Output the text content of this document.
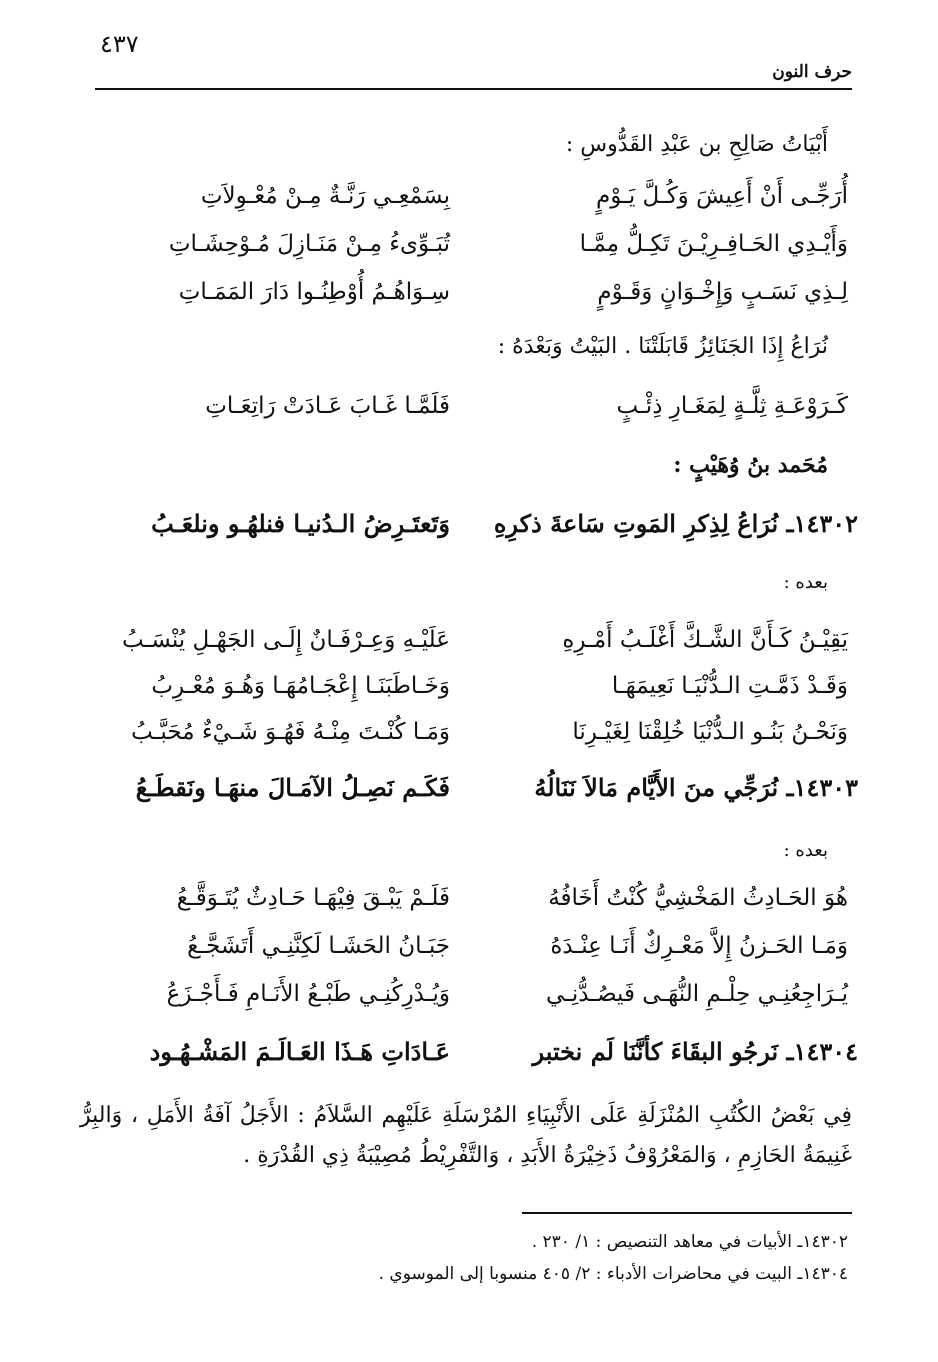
٤٣٧
حرف النون
أَبْيَاتُ صَالِحِ بن عَبْدِ القَدُّوسِ :
أُرَجِّـى أَنْ أَعِيشَ وَكُـلَّ يَـوْمٍ
بِسَمْعِـي رَنَّـةٌ مِـنْ مُعْـوِلاَتِ
وَأَيْـدِي الحَـافِـرِيْـنَ تَكِـلُّ مِمَّـا
تُبَـوِّىءُ مِـنْ مَنَـازِلَ مُـوْحِشَـاتِ
لِـذِي نَسَـبٍ وَإِخْـوَانٍ وَقَـوْمٍ
سِـوَاهُـمُ أُوْطِنُـوا دَارَ المَمَـاتِ
نُرَاعُ إِذَا الجَنَائِزُ قَابَلَتْنَا . البَيْتُ وَبَعْدَهُ :
كَـرَوْعَـةِ ثِلَّـةٍ لِمَغَـارِ ذِئْـبٍ
فَلَمَّـا غَـابَ عَـادَتْ رَاتِعَـاتِ
مُحَمد بنُ وُهَيْبٍ :
١٤٣٠٢ـ نُرَاعُ لِذِكرِ المَوتِ سَاعةَ ذكرِهِ
وَتَعتَـرِضُ الـدُنيـا فنلهُـو ونلعَـبُ
بعده :
يَقِيْـنُ كَـأَنَّ الشَّـكَّ أَغْلَـبُ أَمْـرِهِ
عَلَيْـهِ وَعِـرْفَـانٌ إِلَـى الجَهْـلِ يُنْسَـبُ
وَقَـدْ ذَمَّـتِ الـدُّنْيَـا نَعِيمَهَـا
وَخَـاطَبَنَـا إِعْجَـامُهَـا وَهُـوَ مُعْـرِبُ
وَنَحْـنُ بَنُـو الـدُّنْيَا خُلِقْنَا لِغَيْـرِنَا
وَمَـا كُنْـتَ مِنْـهُ فَهُـوَ شَـيْءٌ مُحَبَّـبُ
١٤٣٠٣ـ نُرَجِّي منَ الأَيَّام مَالاَ نَنَالُهُ
فَكَـم نَصِـلُ الآمَـالَ منهَـا ونَقطَـعُ
بعده :
هُوَ الحَـادِثُ المَخْشِيُّ كُنْتُ أَخَافُهُ
فَلَـمْ يَبْـقَ فِيْهَـا حَـادِثٌ يُتَـوَقَّـعُ
وَمَـا الحَـزنُ إِلاَّ مَعْـرِكٌ أَنَـا عِنْـدَهُ
جَبَـانُ الحَشَـا لَكِنَّنِـي أَتَشَجَّـعُ
يُـرَاجِعُنِـي حِلْـمِ النُّهَـى فَيصُـدُّنِـي
وَيُـدْرِكُنِـي طَبْـعُ الأَنَـامِ فَـأَجْـزَعُ
١٤٣٠٤ـ نَرجُو البقَاءَ كأنَّنَا لَم نختبر
عَـادَاتِ هَـذَا العَـالَـمَ المَشْـهُـود
فِي بَعْضُ الكُتُبِ المُنْزَلَةِ عَلَى الأَنْبِيَاءِ المُرْسَلَةِ عَلَيْهِم السَّلاَمُ : الأَجَلُ آفَةُ الأَمَلِ ، وَالبِرُّ غَنِيمَةُ الحَازِمِ ، وَالمَعْرُوْفُ ذَخِيْرَةُ الأَبَدِ ، وَالتَّفْرِيْطُ مُصِيْبَةُ ذِي القُدْرَةِ .
١٤٣٠٢ـ الأبيات في معاهد التنصيص : ١/ ٢٣٠ .
١٤٣٠٤ـ البيت في محاضرات الأدباء : ٢/ ٤٠٥ منسوبا إلى الموسوي .
